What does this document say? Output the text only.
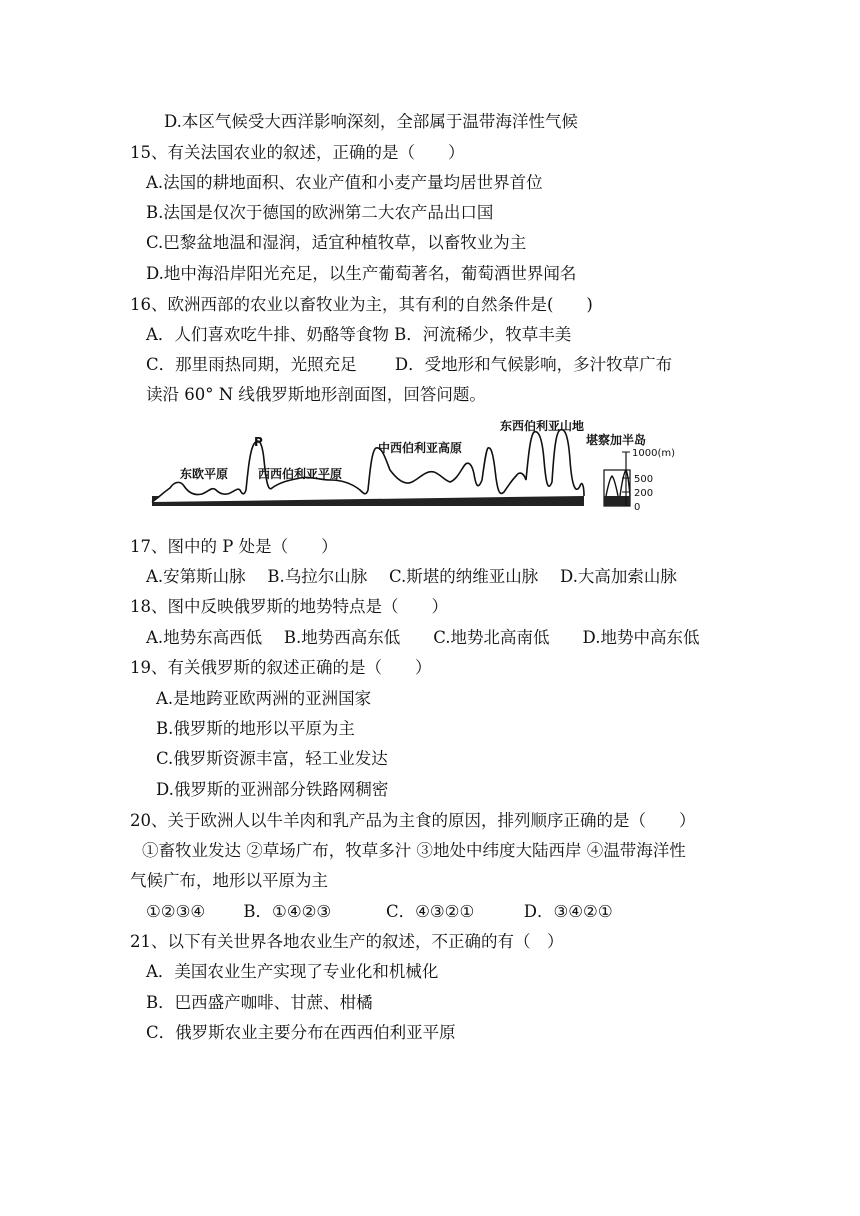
D.本区气候受大西洋影响深刻，全部属于温带海洋性气候
15、有关法国农业的叙述，正确的是（　　）
A.法国的耕地面积、农业产值和小麦产量均居世界首位
B.法国是仅次于德国的欧洲第二大农产品出口国
C.巴黎盆地温和湿润，适宜种植牧草，以畜牧业为主
D.地中海沿岸阳光充足，以生产葡萄著名，葡萄酒世界闻名
16、欧洲西部的农业以畜牧业为主，其有利的自然条件是(　　)
A．人们喜欢吃牛排、奶酪等食物 B．河流稀少，牧草丰美
C．那里雨热同期，光照充足　　 D．受地形和气候影响，多汁牧草广布
读沿 60° N 线俄罗斯地形剖面图，回答问题。
东欧平原
P
西西伯利亚平原
中西伯利亚高原
东西伯利亚山地
堪察加半岛
1000(m)
500
200
0
17、图中的 P 处是（　　）
A.安第斯山脉　 B.乌拉尔山脉　 C.斯堪的纳维亚山脉　 D.大高加索山脉
18、图中反映俄罗斯的地势特点是（　　）
A.地势东高西低　 B.地势西高东低　　C.地势北高南低　　D.地势中高东低
19、有关俄罗斯的叙述正确的是（　　）
A.是地跨亚欧两洲的亚洲国家
B.俄罗斯的地形以平原为主
C.俄罗斯资源丰富，轻工业发达
D.俄罗斯的亚洲部分铁路网稠密
20、关于欧洲人以牛羊肉和乳产品为主食的原因，排列顺序正确的是（　　）
①畜牧业发达 ②草场广布，牧草多汁 ③地处中纬度大陆西岸 ④温带海洋性
气候广布，地形以平原为主
①②③④　　 B．①④②③　　　 C．④③②①　　　D．③④②①
21、以下有关世界各地农业生产的叙述，不正确的有（　）
A．美国农业生产实现了专业化和机械化
B．巴西盛产咖啡、甘蔗、柑橘
C．俄罗斯农业主要分布在西西伯利亚平原
